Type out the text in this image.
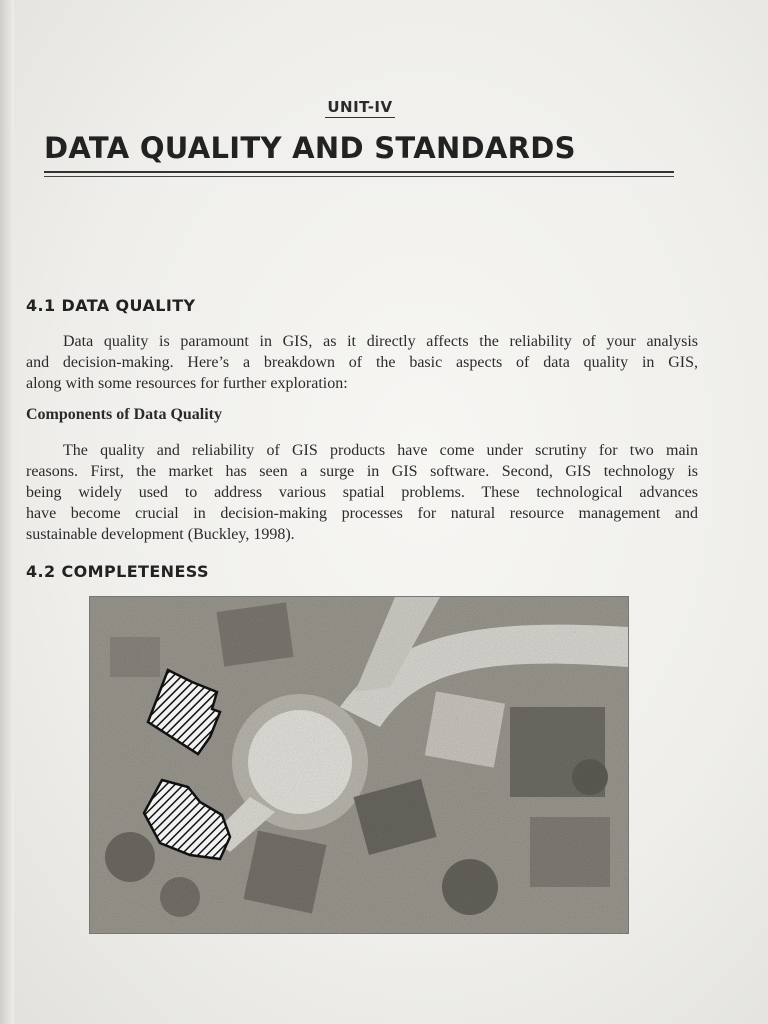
UNIT-IV
DATA QUALITY AND STANDARDS
4.1 DATA QUALITY
Data quality is paramount in GIS, as it directly affects the reliability of your analysis
and decision-making. Here’s a breakdown of the basic aspects of data quality in GIS,
along with some resources for further exploration:
Components of Data Quality
The quality and reliability of GIS products have come under scrutiny for two main
reasons. First, the market has seen a surge in GIS software. Second, GIS technology is
being widely used to address various spatial problems. These technological advances
have become crucial in decision-making processes for natural resource management and
sustainable development (Buckley, 1998).
4.2 COMPLETENESS
